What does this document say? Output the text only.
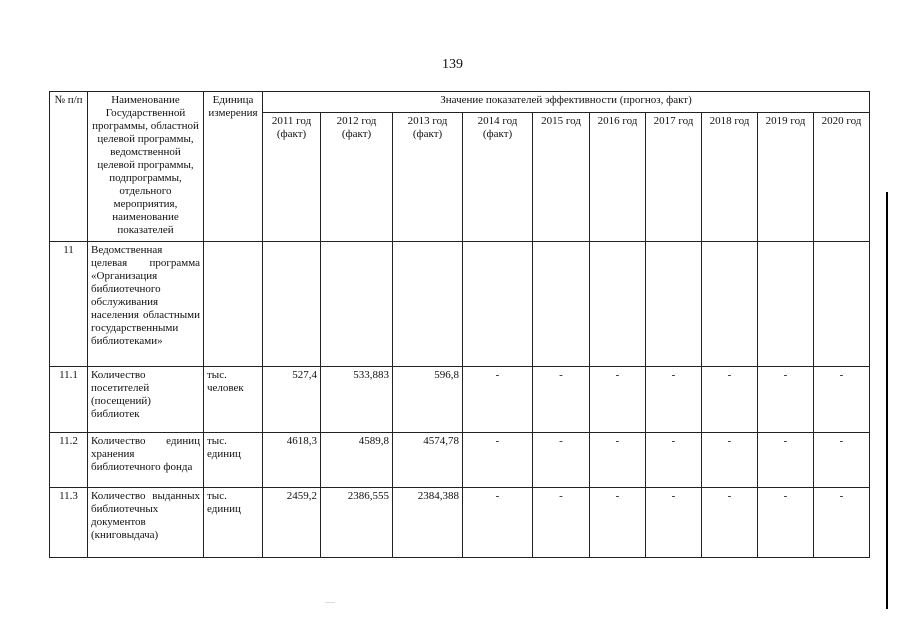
139
№ п/п	Наименование Государственной программы, областной целевой программы, ведомственной целевой программы, подпрограммы, отдельного мероприятия, наименование показателей	Единица измерения	Значение показателей эффективности (прогноз, факт)									
			2011 год (факт)	2012 год (факт)	2013 год (факт)	2014 год (факт)	2015 год	2016 год	2017 год	2018 год	2019 год	2020 год
11	Ведомственная целевая программа «Организация библиотечного обслуживания населения областными государственными библиотеками»											
11.1	Количество посетителей (посещений) библиотек	тыс. человек	527,4	533,883	596,8	-	-	-	-	-	-	-
11.2	Количество единиц хранения библиотечного фонда	тыс. единиц	4618,3	4589,8	4574,78	-	-	-	-	-	-	-
11.3	Количество выданных библиотечных документов (книговыдача)	тыс. единиц	2459,2	2386,555	2384,388	-	-	-	-	-	-	-
